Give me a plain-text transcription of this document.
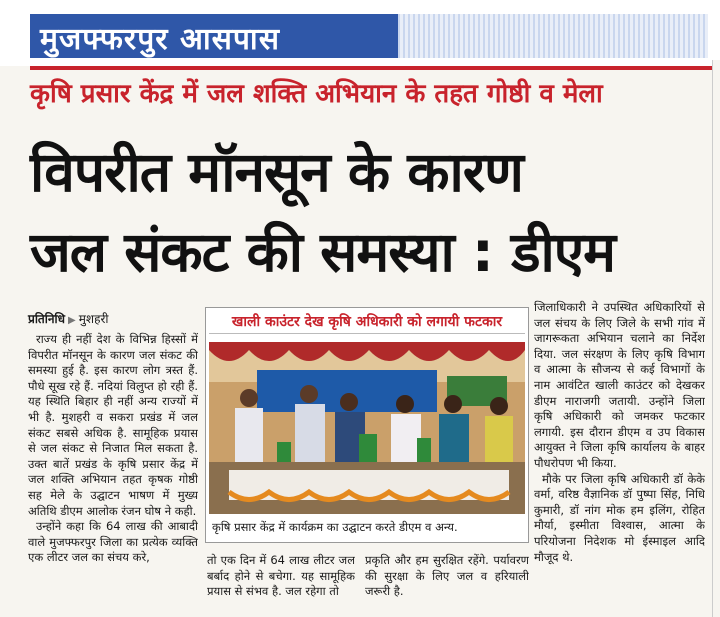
मुजफ्फरपुर आसपास
कृषि प्रसार केंद्र में जल शक्ति अभियान के तहत गोष्ठी व मेला
विपरीत मॉनसून के कारण
जल संकट की समस्या : डीएम
प्रतिनिधि ▶ मुशहरी

राज्य ही नहीं देश के विभिन्न हिस्सों में विपरीत मॉनसून के कारण जल संकट की समस्या हुई है. इस कारण लोग त्रस्त हैं. पौधे सूख रहे हैं. नदियां विलुप्त हो रही हैं. यह स्थिति बिहार ही नहीं अन्य राज्यों में भी है. मुशहरी व सकरा प्रखंड में जल संकट सबसे अधिक है. सामूहिक प्रयास से जल संकट से निजात मिल सकता है. उक्त बातें प्रखंड के कृषि प्रसार केंद्र में जल शक्ति अभियान तहत कृषक गोष्ठी सह मेले के उद्घाटन भाषण में मुख्य अतिथि डीएम आलोक रंजन घोष ने कही.

उन्होंने कहा कि 64 लाख की आबादी वाले मुजफ्फरपुर जिला का प्रत्येक व्यक्ति एक लीटर जल का संचय करे,

खाली काउंटर देख कृषि अधिकारी को लगायी फटकार
कृषि प्रसार केंद्र में कार्यक्रम का उद्घाटन करते डीएम व अन्य.

तो एक दिन में 64 लाख लीटर जल बर्बाद होने से बचेगा. यह सामूहिक प्रयास से संभव है. जल रहेगा तो

प्रकृति और हम सुरक्षित रहेंगे. पर्यावरण की सुरक्षा के लिए जल व हरियाली जरूरी है.

जिलाधिकारी ने उपस्थित अधिकारियों से जल संचय के लिए जिले के सभी गांव में जागरूकता अभियान चलाने का निर्देश दिया. जल संरक्षण के लिए कृषि विभाग व आत्मा के सौजन्य से कई विभागों के नाम आवंटित खाली काउंटर को देखकर डीएम नाराजगी जतायी. उन्होंने जिला कृषि अधिकारी को जमकर फटकार लगायी. इस दौरान डीएम व उप विकास आयुक्त ने जिला कृषि कार्यालय के बाहर पौधरोपण भी किया.

मौके पर जिला कृषि अधिकारी डॉ केके वर्मा, वरिष्ठ वैज्ञानिक डॉ पुष्पा सिंह, निधि कुमारी, डॉ नांग मोक हम इलिंग, रोहित मौर्या, इस्मीता विश्वास, आत्मा के परियोजना निदेशक मो ईस्माइल आदि मौजूद थे.
